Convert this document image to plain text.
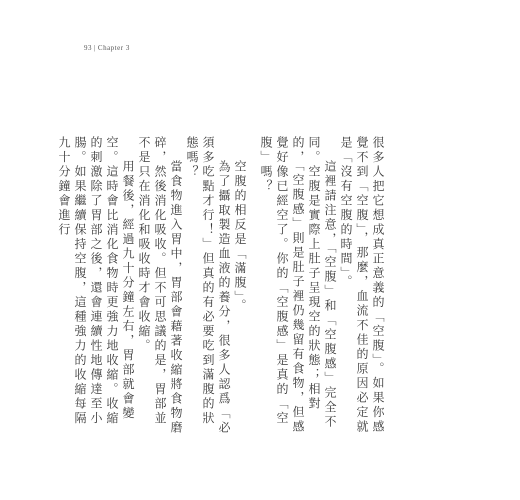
93 | Chapter 3

很多人把它想成真正意義的「空腹」。如果你感覺不到「空腹」，那麼，血流不佳的原因必定就是「沒有空腹的時間」。

這裡請注意，「空腹」和「空腹感」完全不同。空腹是實際上肚子呈現空的狀態；相對的，「空腹感」則是肚子裡仍幾留有食物，但感覺好像已經空了。你的「空腹感」是真的「空腹」嗎？

空腹的相反是「滿腹」。

為了攝取製造血液的養分，很多人認爲「必須多吃點才行！」但真的有必要吃到滿腹的狀態嗎？

當食物進入胃中，胃部會藉著收縮將食物磨碎，然後消化吸收。但不可思議的是，胃部並不是只在消化和吸收時才會收縮。

用餐後，經過九十分鐘左右，胃部就會變空。這時會比消化食物時更強力地收縮。收縮的刺激除了胃部之後，還會連續性地傳達至小腸。如果繼續保持空腹，這種強力的收縮每隔九十分鐘會進行
